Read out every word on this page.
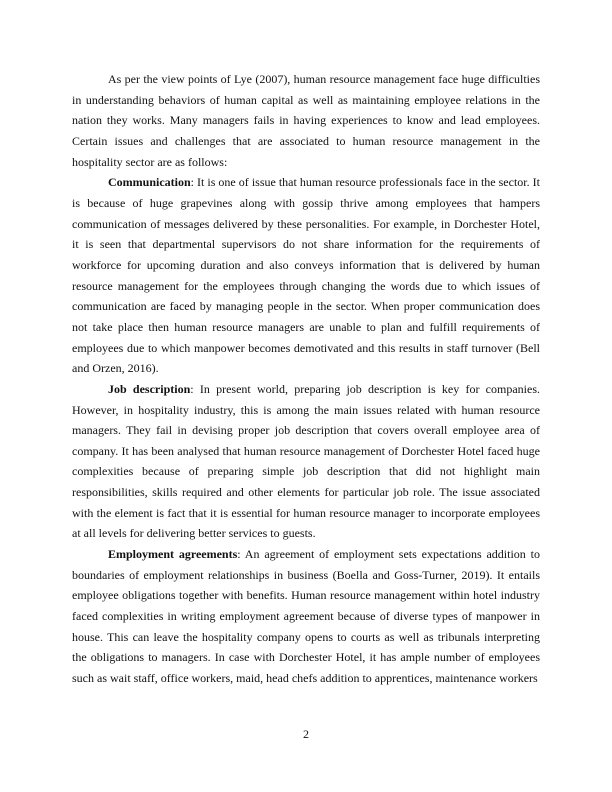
As per the view points of Lye (2007), human resource management face huge difficulties in understanding behaviors of human capital as well as maintaining employee relations in the nation they works. Many managers fails in having experiences to know and lead employees. Certain issues and challenges that are associated to human resource management in the hospitality sector are as follows:

Communication: It is one of issue that human resource professionals face in the sector. It is because of huge grapevines along with gossip thrive among employees that hampers communication of messages delivered by these personalities. For example, in Dorchester Hotel, it is seen that departmental supervisors do not share information for the requirements of workforce for upcoming duration and also conveys information that is delivered by human resource management for the employees through changing the words due to which issues of communication are faced by managing people in the sector. When proper communication does not take place then human resource managers are unable to plan and fulfill requirements of employees due to which manpower becomes demotivated and this results in staff turnover (Bell and Orzen, 2016).

Job description: In present world, preparing job description is key for companies. However, in hospitality industry, this is among the main issues related with human resource managers. They fail in devising proper job description that covers overall employee area of company. It has been analysed that human resource management of Dorchester Hotel faced huge complexities because of preparing simple job description that did not highlight main responsibilities, skills required and other elements for particular job role. The issue associated with the element is fact that it is essential for human resource manager to incorporate employees at all levels for delivering better services to guests.

Employment agreements: An agreement of employment sets expectations addition to boundaries of employment relationships in business (Boella and Goss-Turner, 2019). It entails employee obligations together with benefits. Human resource management within hotel industry faced complexities in writing employment agreement because of diverse types of manpower in house. This can leave the hospitality company opens to courts as well as tribunals interpreting the obligations to managers. In case with Dorchester Hotel, it has ample number of employees such as wait staff, office workers, maid, head chefs addition to apprentices, maintenance workers

2
